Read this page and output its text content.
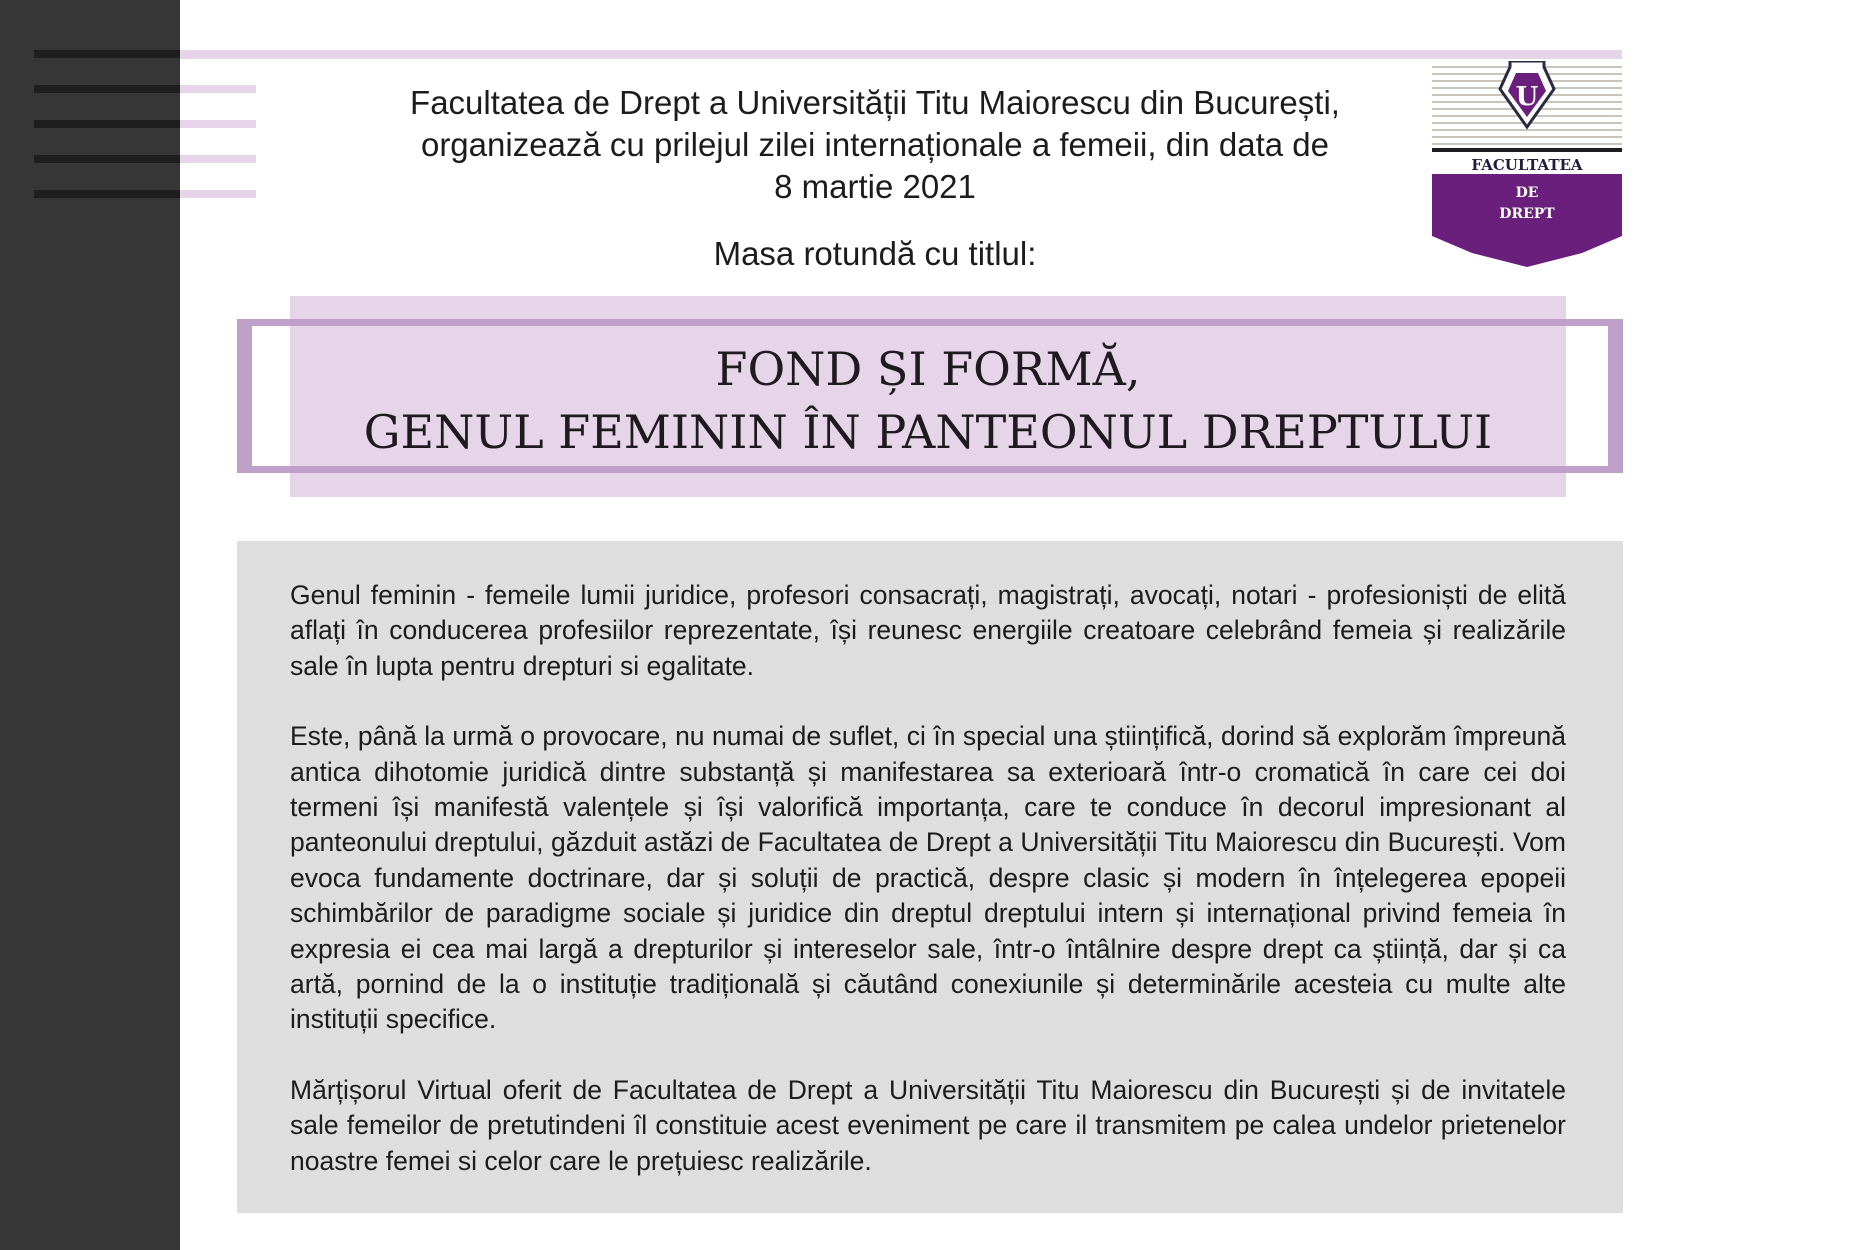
Facultatea de Drept a Universității Titu Maiorescu din București,
organizează cu prilejul zilei internaționale a femeii, din data de
8 martie 2021
Masa rotundă cu titlul:
U
FACULTATEA
DE
DREPT
FOND ȘI FORMĂ,
GENUL FEMININ ÎN PANTEONUL DREPTULUI

Genul feminin - femeile lumii juridice, profesori consacrați, magistrați, avocați, notari - profesioniști de elită aflați în conducerea profesiilor reprezentate, își reunesc energiile creatoare celebrând femeia și realizările sale în lupta pentru drepturi si egalitate.

Este, până la urmă o provocare, nu numai de suflet, ci în special una științifică, dorind să explorăm împreună antica dihotomie juridică dintre substanță și manifestarea sa exterioară într-o cromatică în care cei doi termeni își manifestă valențele și își valorifică importanța, care te conduce în decorul impresionant al panteonului dreptului, găzduit astăzi de Facultatea de Drept a Universității Titu Maiorescu din București. Vom evoca fundamente doctrinare, dar și soluții de practică, despre clasic și modern în înțelegerea epopeii schimbărilor de paradigme sociale și juridice din dreptul dreptului intern și internațional privind femeia în expresia ei cea mai largă a drepturilor și intereselor sale, într-o întâlnire despre drept ca știință, dar și ca artă, pornind de la o instituție tradițională și căutând conexiunile și determinările acesteia cu multe alte instituții specifice.

Mărțișorul Virtual oferit de Facultatea de Drept a Universității Titu Maiorescu din București și de invitatele sale femeilor de pretutindeni îl constituie acest eveniment pe care il transmitem pe calea undelor prietenelor noastre femei si celor care le prețuiesc realizările.
